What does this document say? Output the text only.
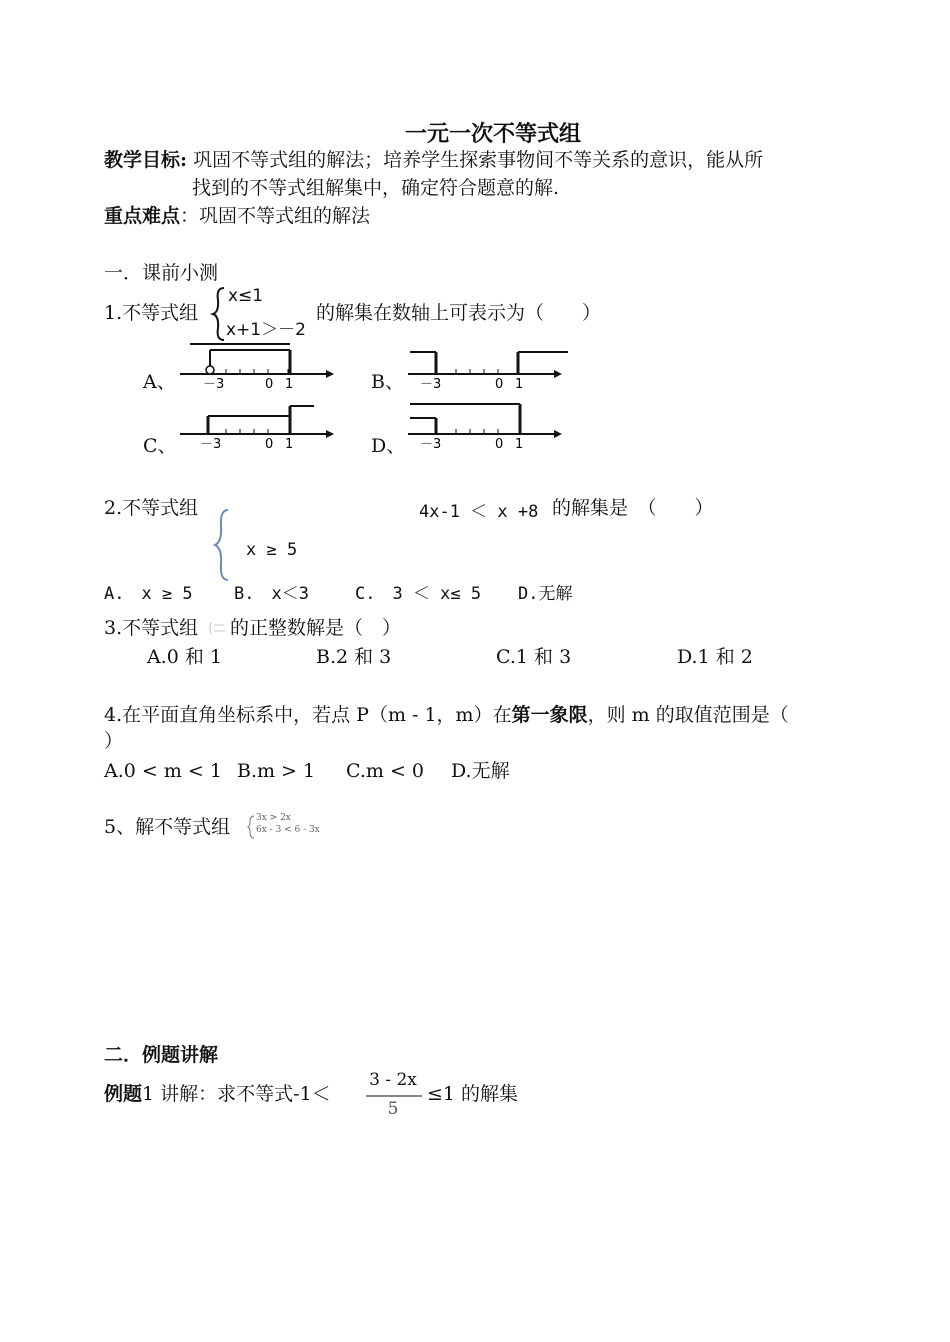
一元一次不等式组
教学目标: 巩固不等式组的解法；培养学生探索事物间不等关系的意识，能从所
找到的不等式组解集中，确定符合题意的解.
重点难点：巩固不等式组的解法
一．课前小测
1.不等式组
x≤1
x+1＞－2
的解集在数轴上可表示为（　　）
A、	B、
C、	D、
－3	0 1	－3	0 1
－3	0 1	－3	0 1
2.不等式组	4x-1 ＜ x +8 的解集是　（　　）
x ≥ 5
A.　x ≥ 5 B.　x＜3	C.　3 ＜ x≤ 5 D.无解
3.不等式组 的正整数解是（　）
A.0 和 1	B.2 和 3	C.1 和 3	D.1 和 2
4.在平面直角坐标系中，若点 P（m - 1，m）在第一象限，则 m 的取值范围是（
）
A.0 < m < 1 B.m > 1 C.m < 0 D.无解
5、解不等式组	3x > 2x
6x - 3 < 6 - 3x
二．例题讲解
例题1 讲解：求不等式-1＜
3 - 2x
5
≤1 的解集
